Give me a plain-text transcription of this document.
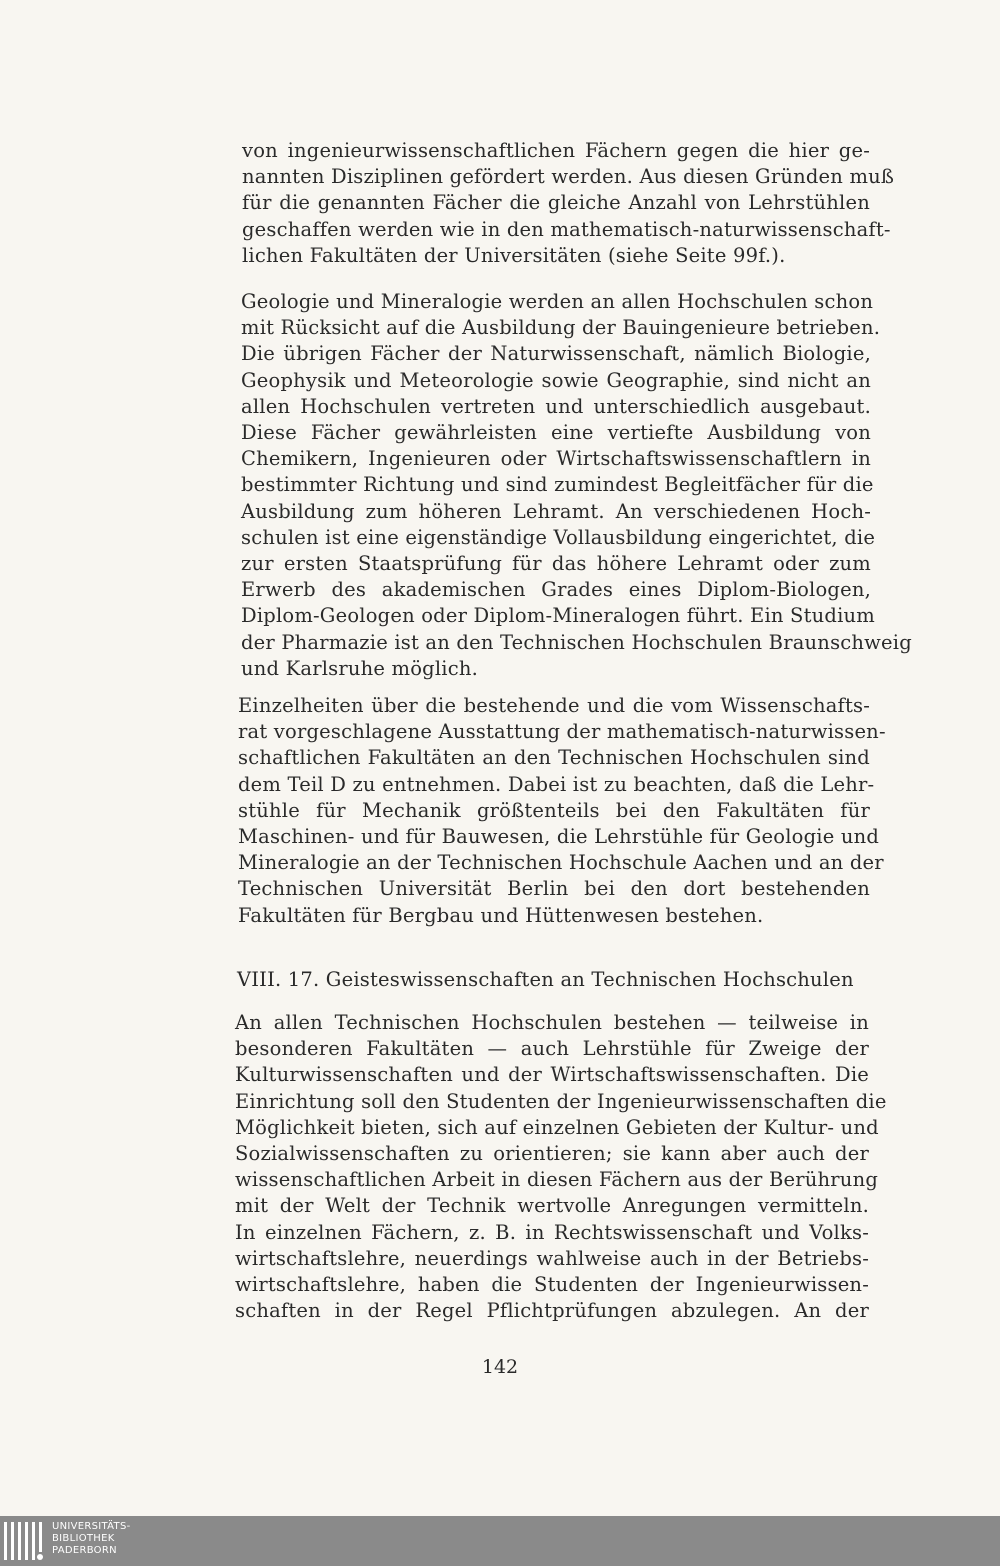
von ingenieurwissenschaftlichen Fächern gegen die hier ge-
nannten Disziplinen gefördert werden. Aus diesen Gründen muß
für die genannten Fächer die gleiche Anzahl von Lehrstühlen
geschaffen werden wie in den mathematisch-naturwissenschaft-
lichen Fakultäten der Universitäten (siehe Seite 99f.).
Geologie und Mineralogie werden an allen Hochschulen schon
mit Rücksicht auf die Ausbildung der Bauingenieure betrieben.
Die übrigen Fächer der Naturwissenschaft, nämlich Biologie,
Geophysik und Meteorologie sowie Geographie, sind nicht an
allen Hochschulen vertreten und unterschiedlich ausgebaut.
Diese Fächer gewährleisten eine vertiefte Ausbildung von
Chemikern, Ingenieuren oder Wirtschaftswissenschaftlern in
bestimmter Richtung und sind zumindest Begleitfächer für die
Ausbildung zum höheren Lehramt. An verschiedenen Hoch-
schulen ist eine eigenständige Vollausbildung eingerichtet, die
zur ersten Staatsprüfung für das höhere Lehramt oder zum
Erwerb des akademischen Grades eines Diplom-Biologen,
Diplom-Geologen oder Diplom-Mineralogen führt. Ein Studium
der Pharmazie ist an den Technischen Hochschulen Braunschweig
und Karlsruhe möglich.
Einzelheiten über die bestehende und die vom Wissenschafts-
rat vorgeschlagene Ausstattung der mathematisch-naturwissen-
schaftlichen Fakultäten an den Technischen Hochschulen sind
dem Teil D zu entnehmen. Dabei ist zu beachten, daß die Lehr-
stühle für Mechanik größtenteils bei den Fakultäten für
Maschinen- und für Bauwesen, die Lehrstühle für Geologie und
Mineralogie an der Technischen Hochschule Aachen und an der
Technischen Universität Berlin bei den dort bestehenden
Fakultäten für Bergbau und Hüttenwesen bestehen.
VIII. 17. Geisteswissenschaften an Technischen Hochschulen
An allen Technischen Hochschulen bestehen — teilweise in
besonderen Fakultäten — auch Lehrstühle für Zweige der
Kulturwissenschaften und der Wirtschaftswissenschaften. Die
Einrichtung soll den Studenten der Ingenieurwissenschaften die
Möglichkeit bieten, sich auf einzelnen Gebieten der Kultur- und
Sozialwissenschaften zu orientieren; sie kann aber auch der
wissenschaftlichen Arbeit in diesen Fächern aus der Berührung
mit der Welt der Technik wertvolle Anregungen vermitteln.
In einzelnen Fächern, z. B. in Rechtswissenschaft und Volks-
wirtschaftslehre, neuerdings wahlweise auch in der Betriebs-
wirtschaftslehre, haben die Studenten der Ingenieurwissen-
schaften in der Regel Pflichtprüfungen abzulegen. An der
142
UNIVERSITÄTS-
BIBLIOTHEK
PADERBORN
